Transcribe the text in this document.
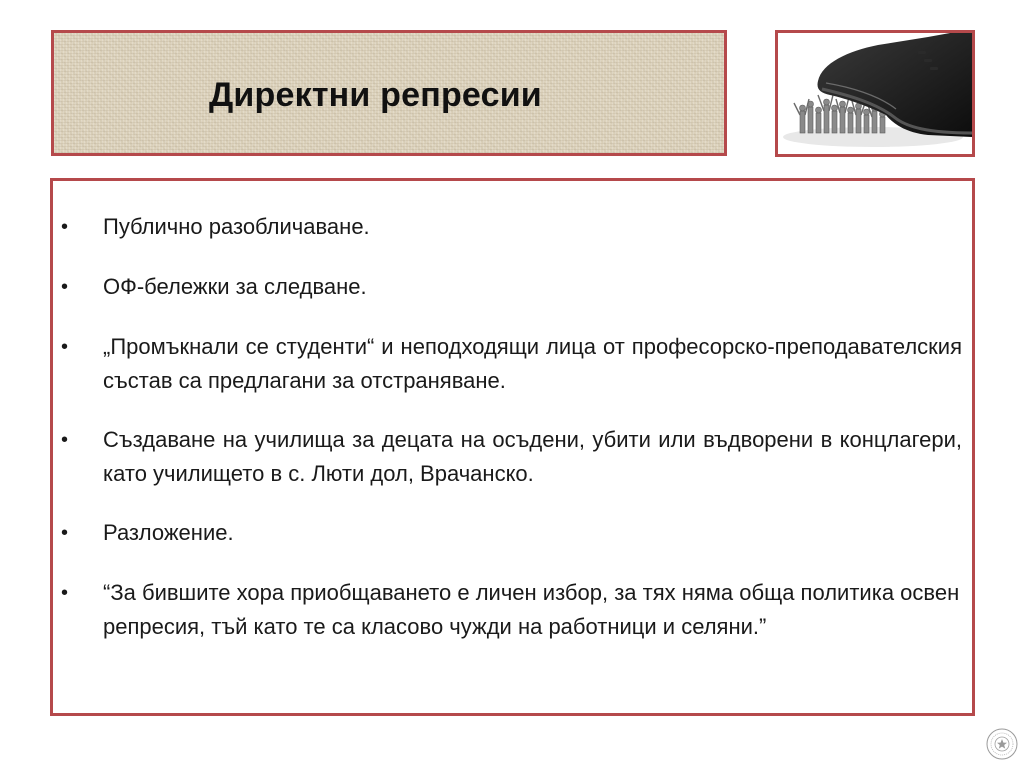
Директни репресии
• Публично разобличаване.
• ОФ-бележки за следване.
• „Промъкнали се студенти“ и неподходящи лица от професорско-преподавателския състав са предлагани за отстраняване.
• Създаване на училища за децата на осъдени, убити или въдворени в концлагери, като училището в с. Люти дол, Врачанско.
• Разложение.
• “За бившите хора приобщаването е личен избор, за тях няма обща политика освен репресия, тъй като те са класово чужди на работници и селяни.”
